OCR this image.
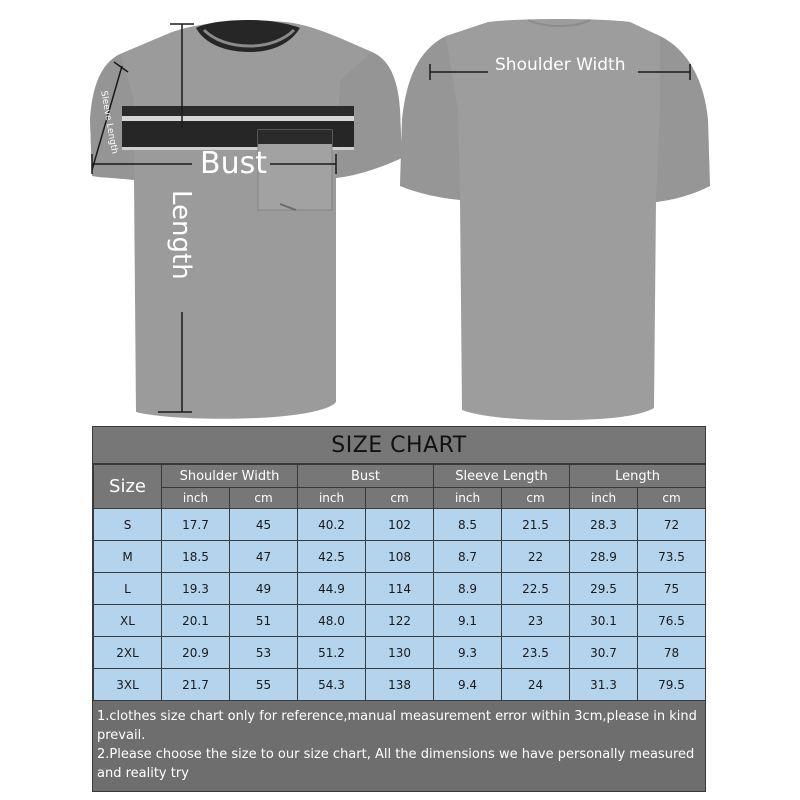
Bust
Length
Sleeve Length
Shoulder Width
SIZE CHART
Size	Shoulder Width		Bust		Sleeve Length		Length	
	inch	cm	inch	cm	inch	cm	inch	cm
S	17.7	45	40.2	102	8.5	21.5	28.3	72
M	18.5	47	42.5	108	8.7	22	28.9	73.5
L	19.3	49	44.9	114	8.9	22.5	29.5	75
XL	20.1	51	48.0	122	9.1	23	30.1	76.5
2XL	20.9	53	51.2	130	9.3	23.5	30.7	78
3XL	21.7	55	54.3	138	9.4	24	31.3	79.5

1.clothes size chart only for reference,manual measurement error within 3cm,please in kind prevail.

2.Please choose the size to our size chart, All the dimensions we have personally measured and reality try
